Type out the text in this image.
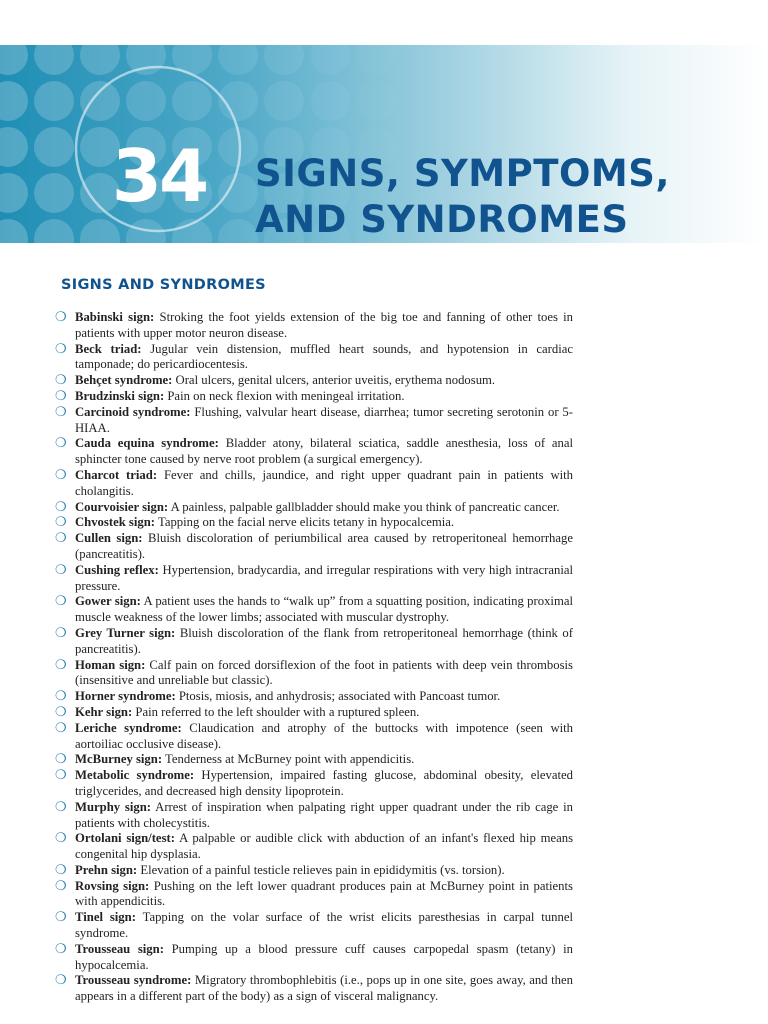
34	SIGNS, SYMPTOMS,
AND SYNDROMES
SIGNS AND SYNDROMES
❍ Babinski sign: Stroking the foot yields extension of the big toe and fanning of other toes in patients with upper motor neuron disease.
❍ Beck triad: Jugular vein distension, muffled heart sounds, and hypotension in cardiac tamponade; do pericardiocentesis.
❍ Behçet syndrome: Oral ulcers, genital ulcers, anterior uveitis, erythema nodosum.
❍ Brudzinski sign: Pain on neck flexion with meningeal irritation.
❍ Carcinoid syndrome: Flushing, valvular heart disease, diarrhea; tumor secreting serotonin or 5-HIAA.
❍ Cauda equina syndrome: Bladder atony, bilateral sciatica, saddle anesthesia, loss of anal sphincter tone caused by nerve root problem (a surgical emergency).
❍ Charcot triad: Fever and chills, jaundice, and right upper quadrant pain in patients with cholangitis.
❍ Courvoisier sign: A painless, palpable gallbladder should make you think of pancreatic cancer.
❍ Chvostek sign: Tapping on the facial nerve elicits tetany in hypocalcemia.
❍ Cullen sign: Bluish discoloration of periumbilical area caused by retroperitoneal hemorrhage (pancreatitis).
❍ Cushing reflex: Hypertension, bradycardia, and irregular respirations with very high intracranial pressure.
❍ Gower sign: A patient uses the hands to “walk up” from a squatting position, indicating proximal muscle weakness of the lower limbs; associated with muscular dystrophy.
❍ Grey Turner sign: Bluish discoloration of the flank from retroperitoneal hemorrhage (think of pancreatitis).
❍ Homan sign: Calf pain on forced dorsiflexion of the foot in patients with deep vein thrombosis (insensitive and unreliable but classic).
❍ Horner syndrome: Ptosis, miosis, and anhydrosis; associated with Pancoast tumor.
❍ Kehr sign: Pain referred to the left shoulder with a ruptured spleen.
❍ Leriche syndrome: Claudication and atrophy of the buttocks with impotence (seen with aortoiliac occlusive disease).
❍ McBurney sign: Tenderness at McBurney point with appendicitis.
❍ Metabolic syndrome: Hypertension, impaired fasting glucose, abdominal obesity, elevated triglycerides, and decreased high density lipoprotein.
❍ Murphy sign: Arrest of inspiration when palpating right upper quadrant under the rib cage in patients with cholecystitis.
❍ Ortolani sign/test: A palpable or audible click with abduction of an infant's flexed hip means congenital hip dysplasia.
❍ Prehn sign: Elevation of a painful testicle relieves pain in epididymitis (vs. torsion).
❍ Rovsing sign: Pushing on the left lower quadrant produces pain at McBurney point in patients with appendicitis.
❍ Tinel sign: Tapping on the volar surface of the wrist elicits paresthesias in carpal tunnel syndrome.
❍ Trousseau sign: Pumping up a blood pressure cuff causes carpopedal spasm (tetany) in hypocalcemia.
❍ Trousseau syndrome: Migratory thrombophlebitis (i.e., pops up in one site, goes away, and then appears in a different part of the body) as a sign of visceral malignancy.
